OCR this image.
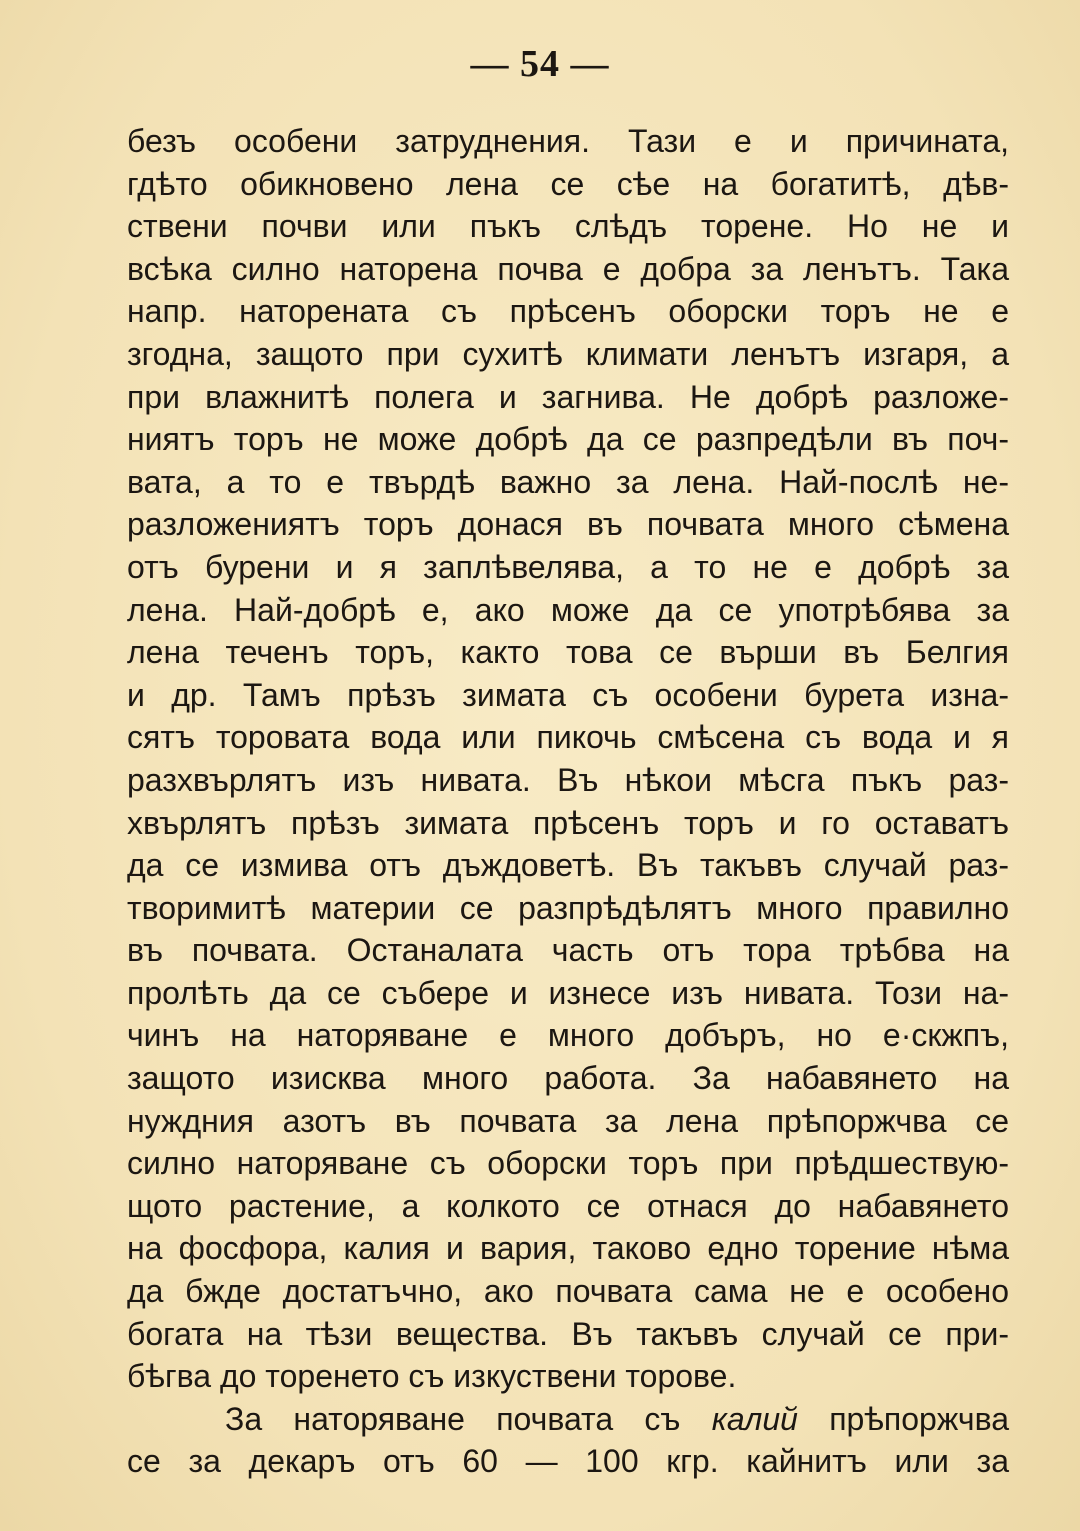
— 54 —
безъ особени затруднения. Тази е и причината,
гдѣто обикновено лена се сѣе на богатитѣ, дѣв-
ствени почви или пъкъ слѣдъ торене. Но не и
всѣка силно наторена почва е добра за ленътъ. Така
напр. наторената съ прѣсенъ оборски торъ не е
згодна, защото при сухитѣ климати ленътъ изгаря, а
при влажнитѣ полега и загнива. Не добрѣ разложе-
ниятъ торъ не може добрѣ да се разпредѣли въ поч-
вата, а то е твърдѣ важно за лена. Най-послѣ не-
разложениятъ торъ донася въ почвата много сѣмена
отъ бурени и я заплѣвелява, а то не е добрѣ за
лена. Най-добрѣ е, ако може да се употрѣбява за
лена теченъ торъ, както това се върши въ Белгия
и др. Тамъ прѣзъ зимата съ особени бурета изна-
сятъ торовата вода или пикочь смѣсена съ вода и я
разхвърлятъ изъ нивата. Въ нѣкои мѣсга пъкъ раз-
хвърлятъ прѣзъ зимата прѣсенъ торъ и го оставатъ
да се измива отъ дъждоветѣ. Въ такъвъ случай раз-
творимитѣ материи се разпрѣдѣлятъ много правилно
въ почвата. Останалата часть отъ тора трѣбва на
пролѣть да се събере и изнесе изъ нивата. Този на-
чинъ на наторяване е много добъръ, но е·скжпъ,
защото изисква много работа. За набавянето на
нуждния азотъ въ почвата за лена прѣпоржчва се
силно наторяване съ оборски торъ при прѣдшествую-
щото растение, а колкото се отнася до набавянето
на фосфора, калия и вария, таково едно торение нѣма
да бжде достатъчно, ако почвата сама не е особено
богата на тѣзи вещества. Въ такъвъ случай се при-
бѣгва до торенето съ изкуствени торове.
За наторяване почвата съ калий прѣпоржчва
се за декаръ отъ 60 — 100 кгр. кайнитъ или за
